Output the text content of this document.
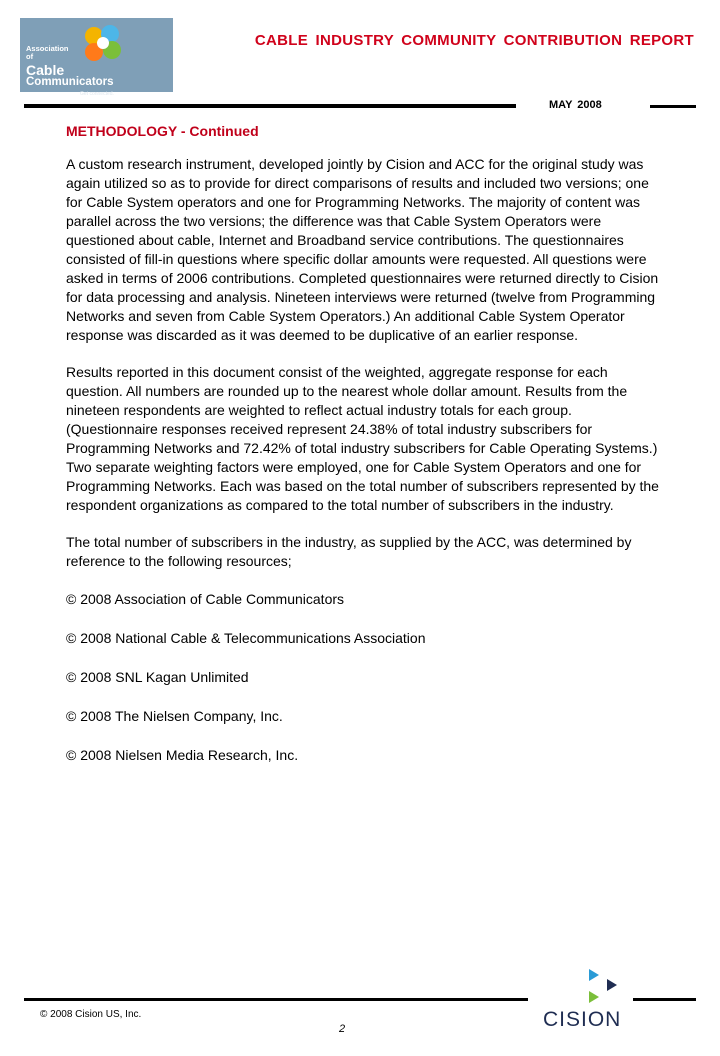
Association of
Cable
Communicators
Get connected.
CABLE INDUSTRY COMMUNITY CONTRIBUTION REPORT
MAY 2008
METHODOLOGY - Continued

A custom research instrument, developed jointly by Cision and ACC for the original study was again utilized so as to provide for direct comparisons of results and included two versions; one for Cable System operators and one for Programming Networks. The majority of content was parallel across the two versions; the difference was that Cable System Operators were questioned about cable, Internet and Broadband service contributions. The questionnaires consisted of fill-in questions where specific dollar amounts were requested. All questions were asked in terms of 2006 contributions. Completed questionnaires were returned directly to Cision for data processing and analysis. Nineteen interviews were returned (twelve from Programming Networks and seven from Cable System Operators.) An additional Cable System Operator response was discarded as it was deemed to be duplicative of an earlier response.

Results reported in this document consist of the weighted, aggregate response for each question. All numbers are rounded up to the nearest whole dollar amount. Results from the nineteen respondents are weighted to reflect actual industry totals for each group. (Questionnaire responses received represent 24.38% of total industry subscribers for Programming Networks and 72.42% of total industry subscribers for Cable Operating Systems.) Two separate weighting factors were employed, one for Cable System Operators and one for Programming Networks. Each was based on the total number of subscribers represented by the respondent organizations as compared to the total number of subscribers in the industry.

The total number of subscribers in the industry, as supplied by the ACC, was determined by reference to the following resources;

© 2008 Association of Cable Communicators

© 2008 National Cable & Telecommunications Association

© 2008 SNL Kagan Unlimited

© 2008 The Nielsen Company, Inc.

© 2008 Nielsen Media Research, Inc.

© 2008 Cision US, Inc.
2	CISION
